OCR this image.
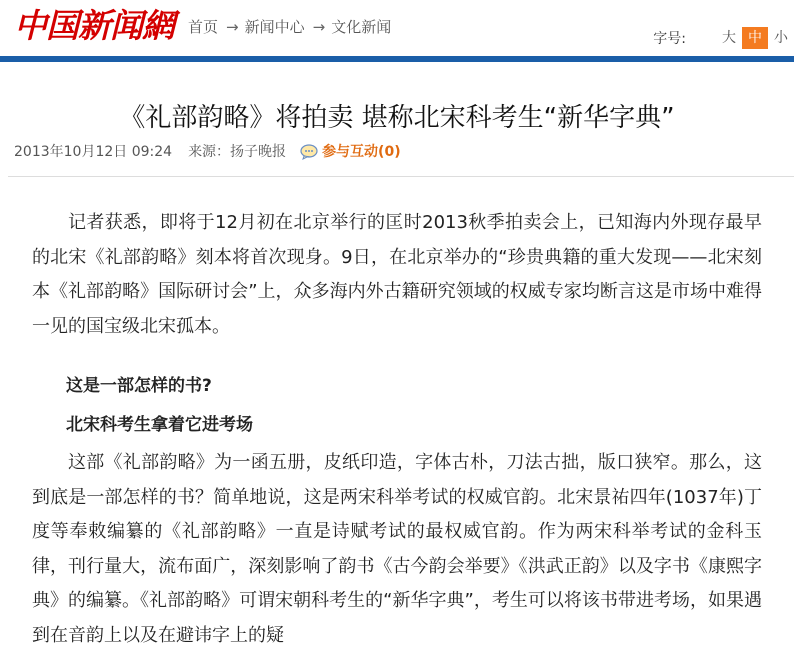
中国新闻網 首页 → 新闻中心 → 文化新闻
字号:	大 中 小
《礼部韵略》将拍卖 堪称北宋科考生“新华字典”
2013年10月12日 09:24 来源：扬子晚报	参与互动(0)

记者获悉，即将于12月初在北京举行的匡时2013秋季拍卖会上，已知海内外现存最早的北宋《礼部韵略》刻本将首次现身。9日，在北京举办的“珍贵典籍的重大发现——北宋刻本《礼部韵略》国际研讨会”上，众多海内外古籍研究领域的权威专家均断言这是市场中难得一见的国宝级北宋孤本。

这是一部怎样的书?

北宋科考生拿着它进考场

这部《礼部韵略》为一函五册，皮纸印造，字体古朴，刀法古拙，版口狭窄。那么，这到底是一部怎样的书？简单地说，这是两宋科举考试的权威官韵。北宋景祐四年(1037年)丁度等奉敕编纂的《礼部韵略》一直是诗赋考试的最权威官韵。作为两宋科举考试的金科玉律，刊行量大，流布面广，深刻影响了韵书《古今韵会举要》《洪武正韵》以及字书《康熙字典》的编纂。《礼部韵略》可谓宋朝科考生的“新华字典”，考生可以将该书带进考场，如果遇到在音韵上以及在避讳字上的疑
